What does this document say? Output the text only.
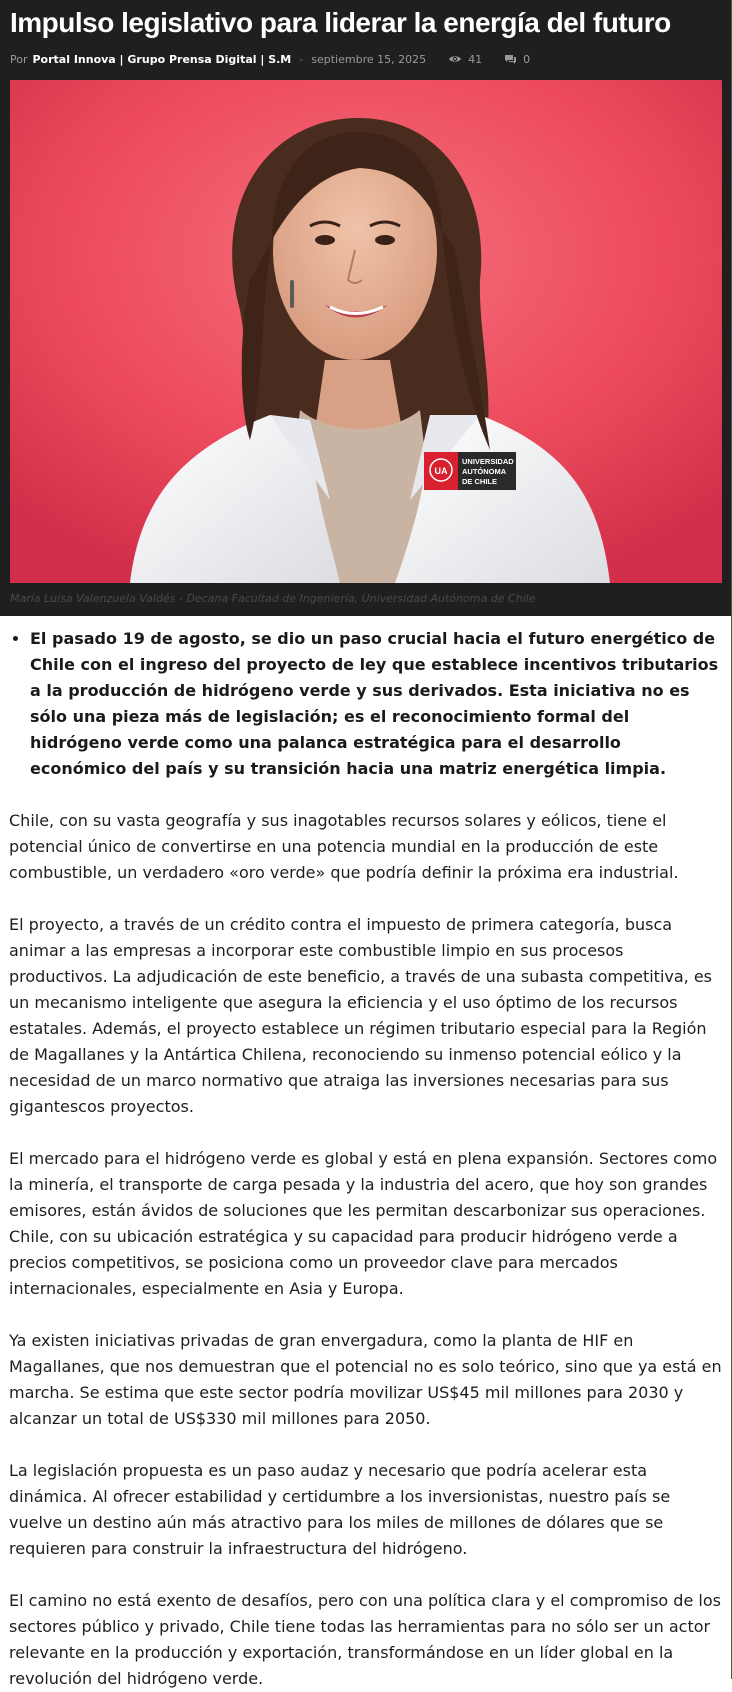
Impulso legislativo para liderar la energía del futuro
Por Portal Innova | Grupo Prensa Digital | S.M - septiembre 15, 2025	41	0
UA
UNIVERSIDAD
AUTÓNOMA
DE CHILE
María Luisa Valenzuela Valdés - Decana Facultad de Ingeniería, Universidad Autónoma de Chile
• El pasado 19 de agosto, se dio un paso crucial hacia el futuro energético de Chile con el ingreso del proyecto de ley que establece incentivos tributarios a la producción de hidrógeno verde y sus derivados. Esta iniciativa no es sólo una pieza más de legislación; es el reconocimiento formal del hidrógeno verde como una palanca estratégica para el desarrollo económico del país y su transición hacia una matriz energética limpia.

Chile, con su vasta geografía y sus inagotables recursos solares y eólicos, tiene el potencial único de convertirse en una potencia mundial en la producción de este combustible, un verdadero «oro verde» que podría definir la próxima era industrial.

El proyecto, a través de un crédito contra el impuesto de primera categoría, busca animar a las empresas a incorporar este combustible limpio en sus procesos productivos. La adjudicación de este beneficio, a través de una subasta competitiva, es un mecanismo inteligente que asegura la eficiencia y el uso óptimo de los recursos estatales. Además, el proyecto establece un régimen tributario especial para la Región de Magallanes y la Antártica Chilena, reconociendo su inmenso potencial eólico y la necesidad de un marco normativo que atraiga las inversiones necesarias para sus gigantescos proyectos.

El mercado para el hidrógeno verde es global y está en plena expansión. Sectores como la minería, el transporte de carga pesada y la industria del acero, que hoy son grandes emisores, están ávidos de soluciones que les permitan descarbonizar sus operaciones. Chile, con su ubicación estratégica y su capacidad para producir hidrógeno verde a precios competitivos, se posiciona como un proveedor clave para mercados internacionales, especialmente en Asia y Europa.

Ya existen iniciativas privadas de gran envergadura, como la planta de HIF en Magallanes, que nos demuestran que el potencial no es solo teórico, sino que ya está en marcha. Se estima que este sector podría movilizar US$45 mil millones para 2030 y alcanzar un total de US$330 mil millones para 2050.

La legislación propuesta es un paso audaz y necesario que podría acelerar esta dinámica. Al ofrecer estabilidad y certidumbre a los inversionistas, nuestro país se vuelve un destino aún más atractivo para los miles de millones de dólares que se requieren para construir la infraestructura del hidrógeno.

El camino no está exento de desafíos, pero con una política clara y el compromiso de los sectores público y privado, Chile tiene todas las herramientas para no sólo ser un actor relevante en la producción y exportación, transformándose en un líder global en la revolución del hidrógeno verde.
